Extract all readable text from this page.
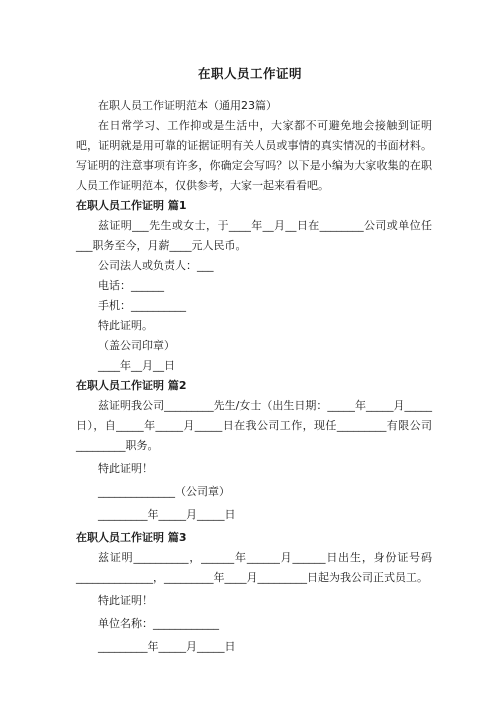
在职人员工作证明

在职人员工作证明范本（通用23篇）

在日常学习、工作抑或是生活中，大家都不可避免地会接触到证明吧，证明就是用可靠的证据证明有关人员或事情的真实情况的书面材料。写证明的注意事项有许多，你确定会写吗？以下是小编为大家收集的在职人员工作证明范本，仅供参考，大家一起来看看吧。

在职人员工作证明 篇1

兹证明___先生或女士，于____年__月__日在________公司或单位任___职务至今，月薪____元人民币。

公司法人或负责人：___

电话：______

手机：__________

特此证明。

（盖公司印章）

____年__月__日

在职人员工作证明 篇2

兹证明我公司_________先生/女士（出生日期：_____年_____月_____日），自_____年_____月_____日在我公司工作，现任_________有限公司_________职务。

特此证明！

______________（公司章）

_________年_____月_____日

在职人员工作证明 篇3

兹证明__________，______年______月______日出生，身份证号码______________，_________年____月_________日起为我公司正式员工。

特此证明！

单位名称：____________

_________年_____月_____日
